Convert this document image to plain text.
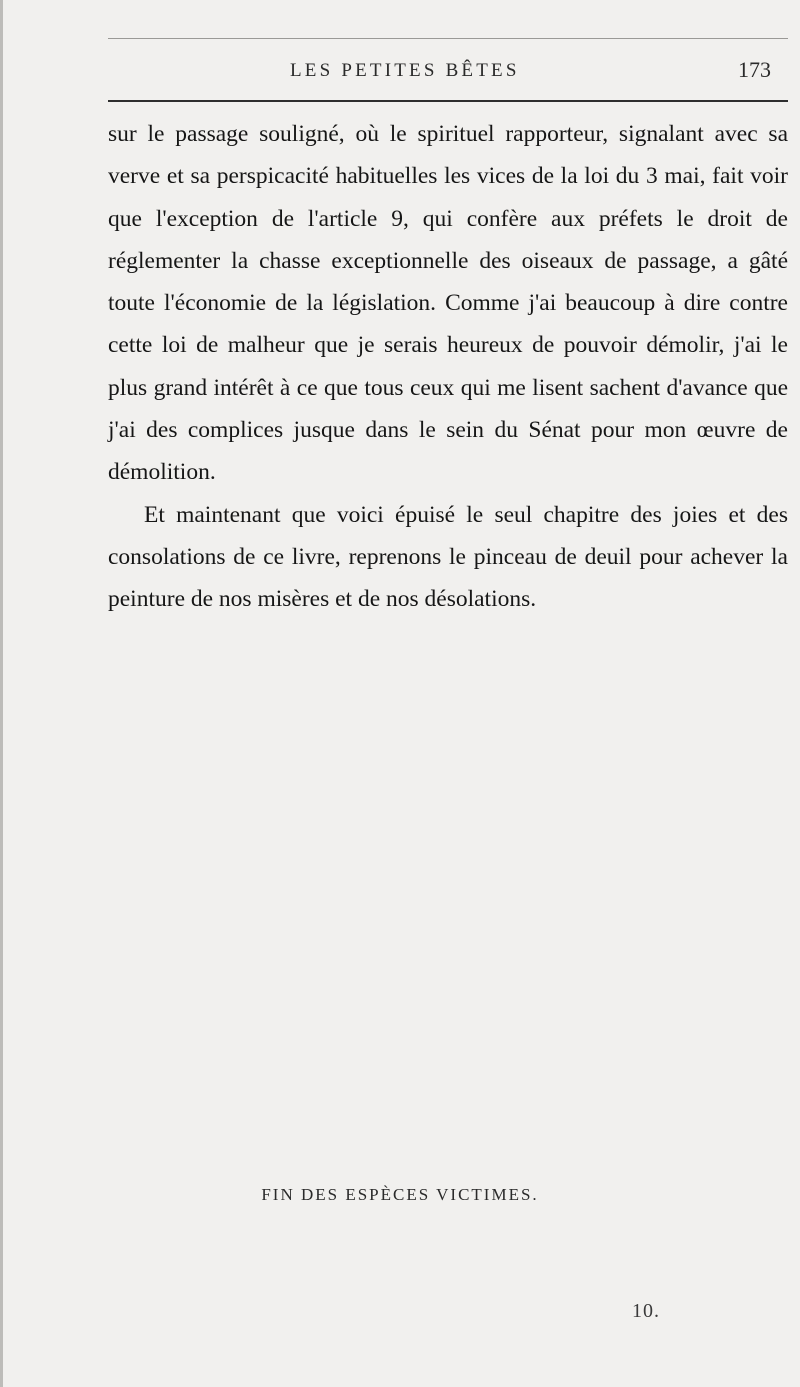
LES PETITES BÊTES	173

sur le passage souligné, où le spirituel rapporteur, signalant avec sa verve et sa perspicacité habituelles les vices de la loi du 3 mai, fait voir que l'exception de l'article 9, qui confère aux préfets le droit de réglementer la chasse exceptionnelle des oiseaux de passage, a gâté toute l'économie de la législation. Comme j'ai beaucoup à dire contre cette loi de malheur que je serais heureux de pouvoir démolir, j'ai le plus grand intérêt à ce que tous ceux qui me lisent sachent d'avance que j'ai des complices jusque dans le sein du Sénat pour mon œuvre de démolition.

Et maintenant que voici épuisé le seul chapitre des joies et des consolations de ce livre, reprenons le pinceau de deuil pour achever la peinture de nos misères et de nos désolations.

FIN DES ESPÈCES VICTIMES.
10.
